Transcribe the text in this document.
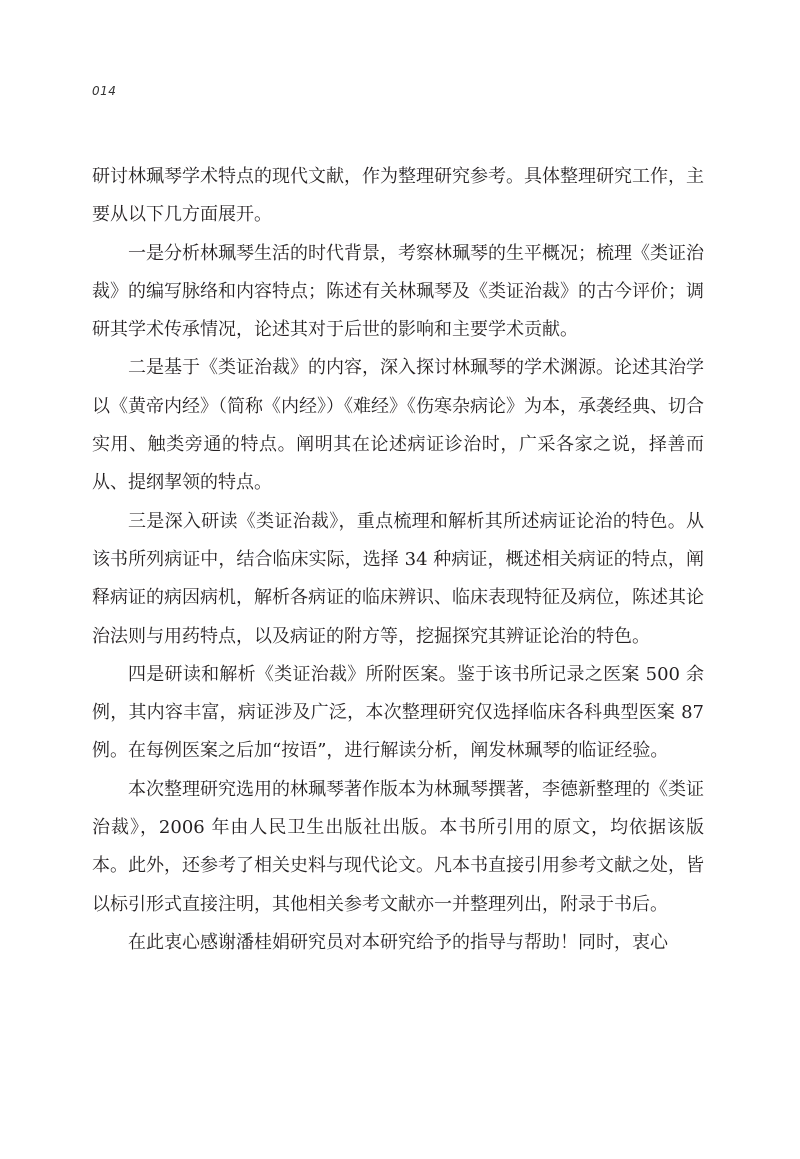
014

研讨林珮琴学术特点的现代文献，作为整理研究参考。具体整理研究工作，主要从以下几方面展开。

一是分析林珮琴生活的时代背景，考察林珮琴的生平概况；梳理《类证治裁》的编写脉络和内容特点；陈述有关林珮琴及《类证治裁》的古今评价；调研其学术传承情况，论述其对于后世的影响和主要学术贡献。

二是基于《类证治裁》的内容，深入探讨林珮琴的学术渊源。论述其治学以《黄帝内经》（简称《内经》）《难经》《伤寒杂病论》为本，承袭经典、切合实用、触类旁通的特点。阐明其在论述病证诊治时，广采各家之说，择善而从、提纲挈领的特点。

三是深入研读《类证治裁》，重点梳理和解析其所述病证论治的特色。从该书所列病证中，结合临床实际，选择 34 种病证，概述相关病证的特点，阐释病证的病因病机，解析各病证的临床辨识、临床表现特征及病位，陈述其论治法则与用药特点，以及病证的附方等，挖掘探究其辨证论治的特色。

四是研读和解析《类证治裁》所附医案。鉴于该书所记录之医案 500 余例，其内容丰富，病证涉及广泛，本次整理研究仅选择临床各科典型医案 87 例。在每例医案之后加“按语”，进行解读分析，阐发林珮琴的临证经验。

本次整理研究选用的林珮琴著作版本为林珮琴撰著，李德新整理的《类证治裁》，2006 年由人民卫生出版社出版。本书所引用的原文，均依据该版本。此外，还参考了相关史料与现代论文。凡本书直接引用参考文献之处，皆以标引形式直接注明，其他相关参考文献亦一并整理列出，附录于书后。

在此衷心感谢潘桂娟研究员对本研究给予的指导与帮助！同时，衷心
